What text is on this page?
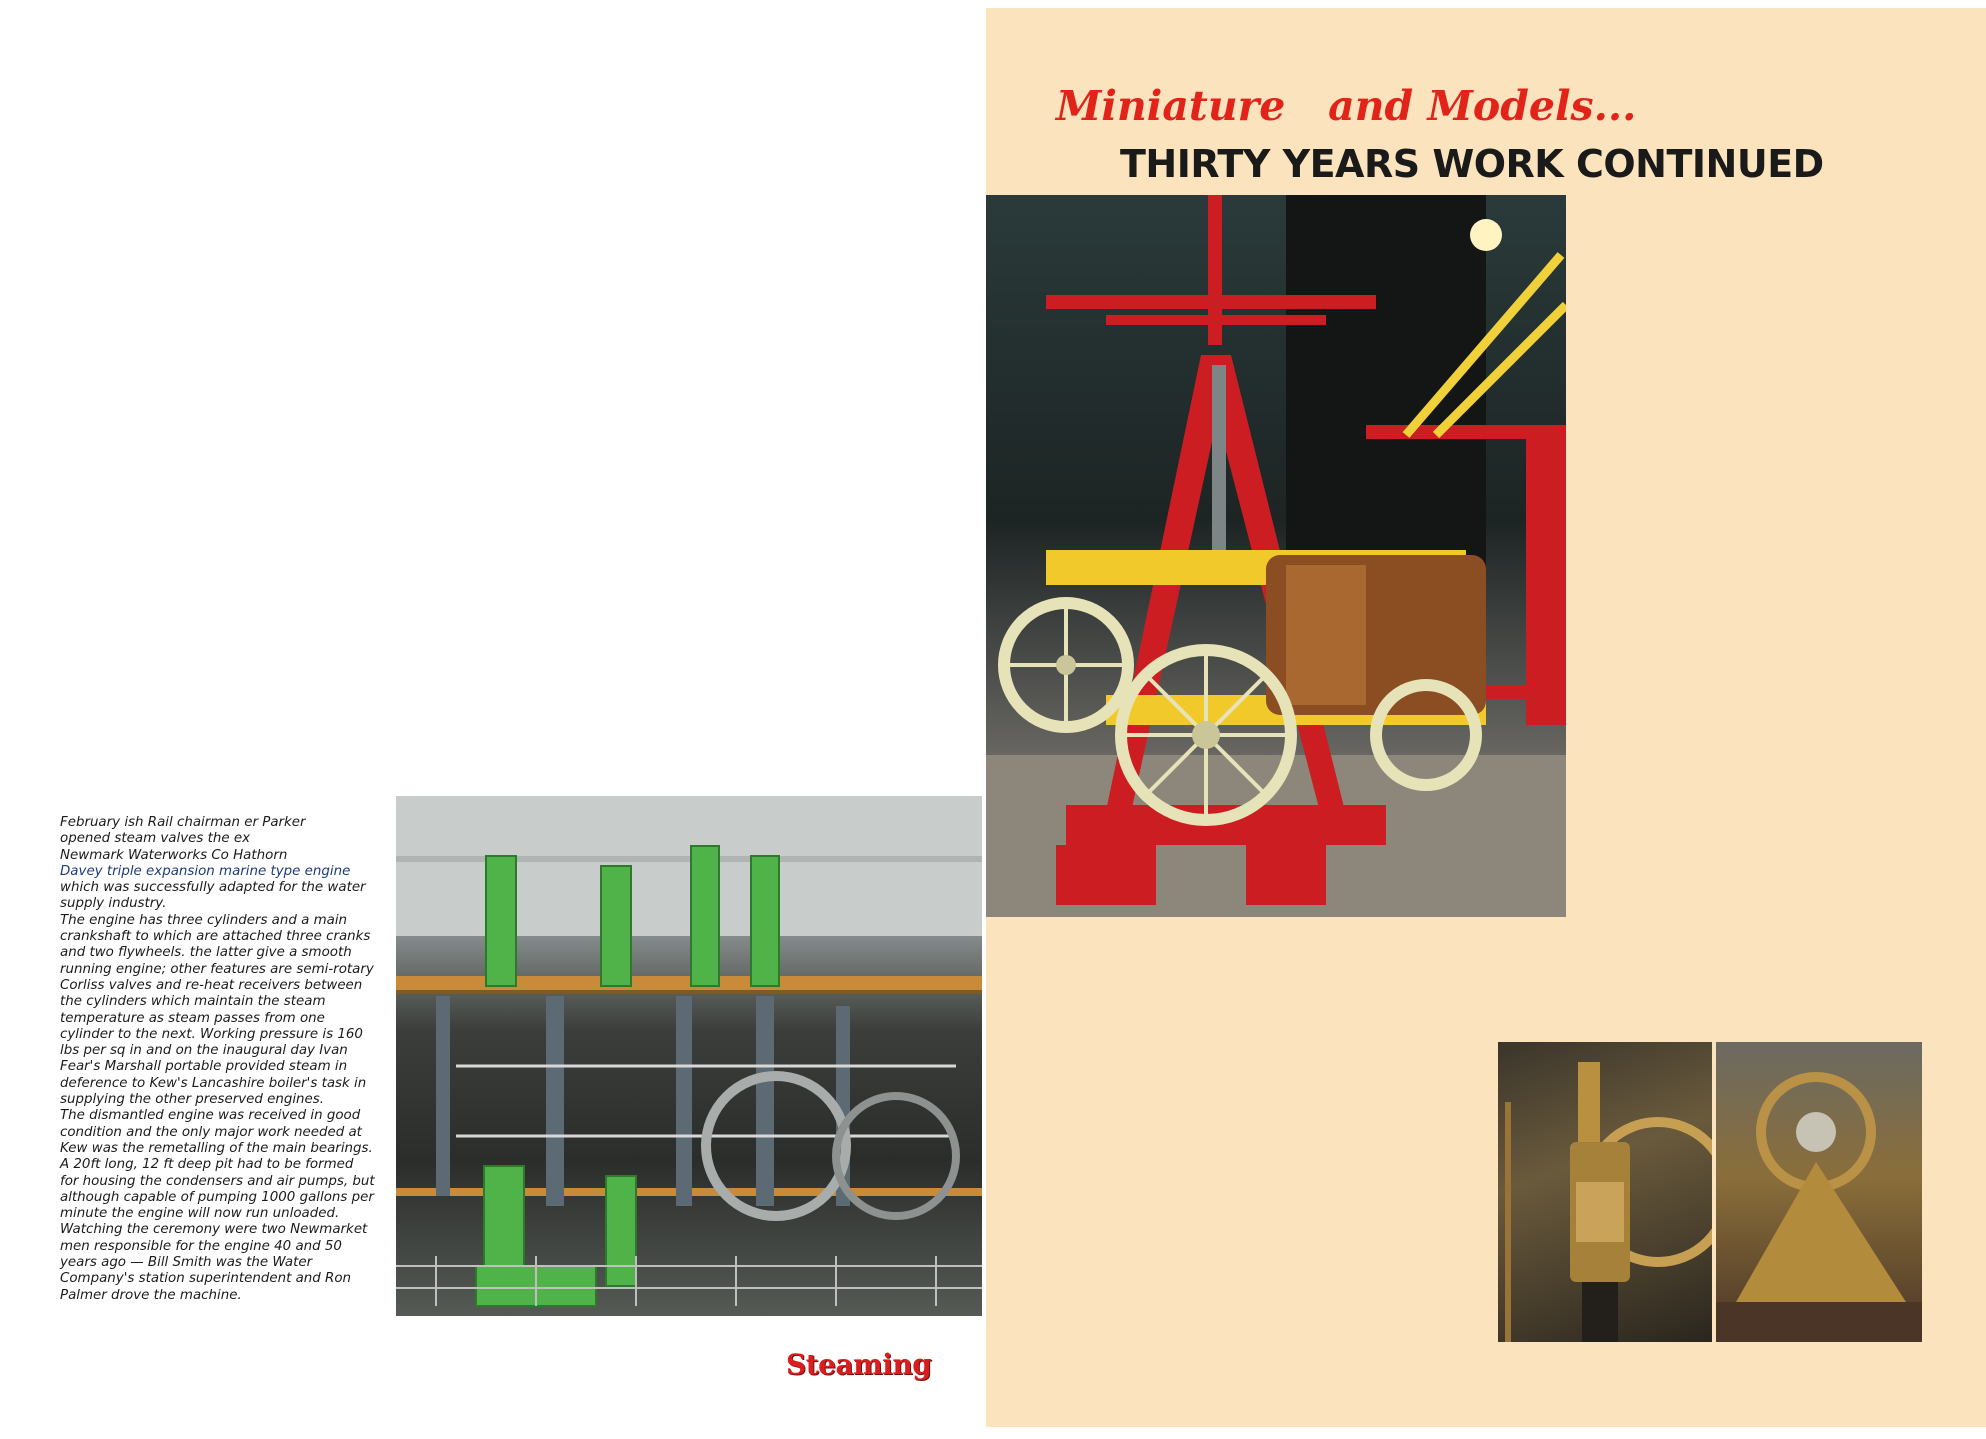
February ish Rail chairman er Parker

opened steam valves the ex

Newmark Waterworks Co Hathorn

Davey triple expansion marine type engine

which was successfully adapted for the water

supply industry.

The engine has three cylinders and a main

crankshaft to which are attached three cranks

and two flywheels. the latter give a smooth

running engine; other features are semi-rotary

Corliss valves and re-heat receivers between

the cylinders which maintain the steam

temperature as steam passes from one

cylinder to the next. Working pressure is 160

lbs per sq in and on the inaugural day Ivan

Fear's Marshall portable provided steam in

deference to Kew's Lancashire boiler's task in

supplying the other preserved engines.

The dismantled engine was received in good

condition and the only major work needed at

Kew was the remetalling of the main bearings.

A 20ft long, 12 ft deep pit had to be formed

for housing the condensers and air pumps, but

although capable of pumping 1000 gallons per

minute the engine will now run unloaded.

Watching the ceremony were two Newmarket

men responsible for the engine 40 and 50

years ago — Bill Smith was the Water

Company's station superintendent and Ron

Palmer drove the machine.

Steaming
Miniature   and Models...
THIRTY YEARS WORK CONTINUED
